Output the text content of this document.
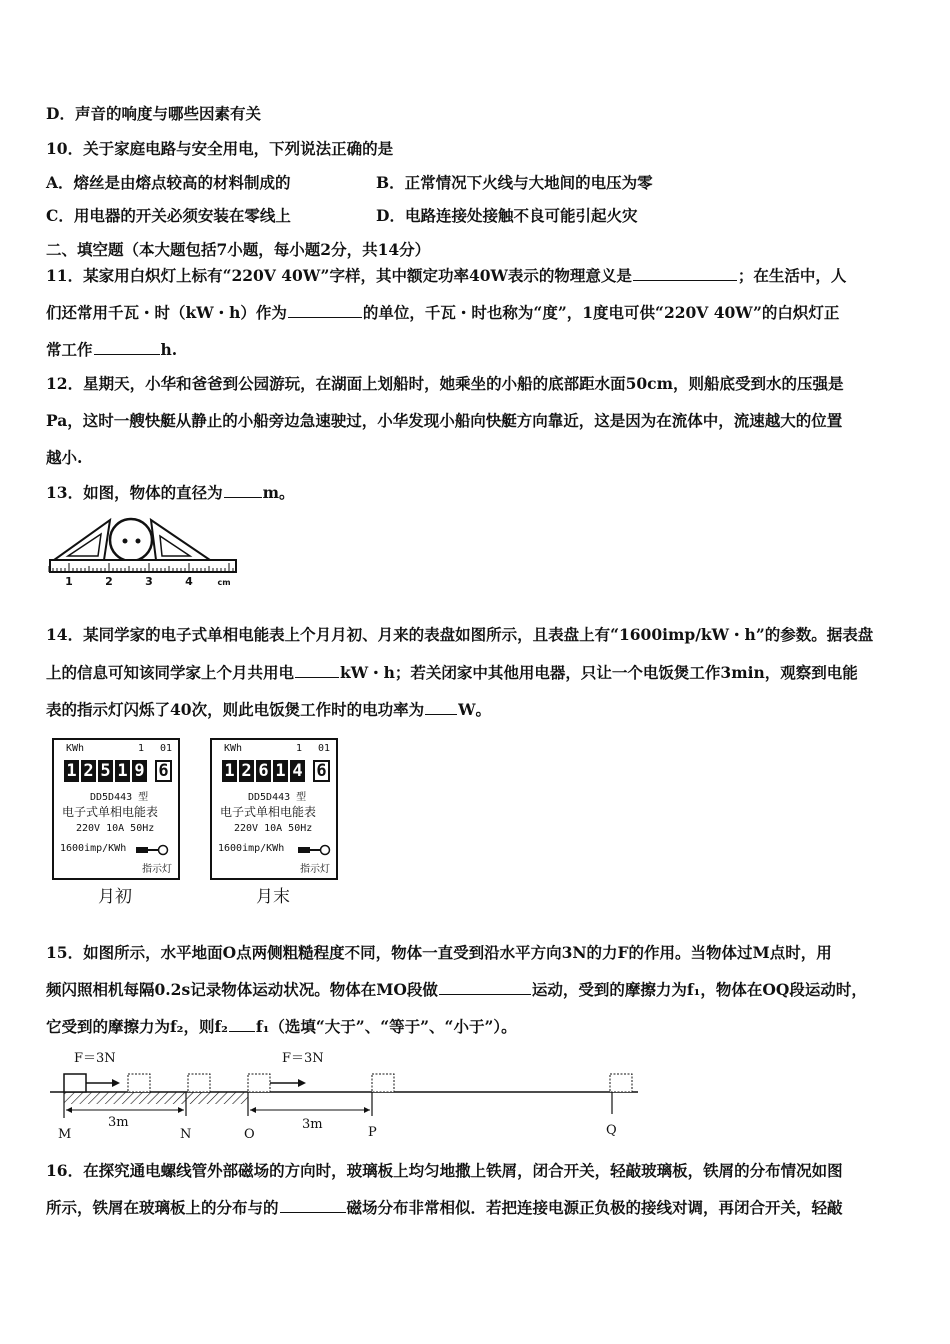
D．声音的响度与哪些因素有关
10．关于家庭电路与安全用电，下列说法正确的是
A．熔丝是由熔点较高的材料制成的	B．正常情况下火线与大地间的电压为零
C．用电器的开关必须安装在零线上	D．电路连接处接触不良可能引起火灾
二、填空题（本大题包括7小题，每小题2分，共14分）
11．某家用白炽灯上标有“220V 40W”字样，其中额定功率40W表示的物理意义是	；在生活中，人
们还常用千瓦・时（kW・h）作为	的单位，千瓦・时也称为“度”，1度电可供“220V 40W”的白炽灯正
常工作	h.
12．星期天，小华和爸爸到公园游玩，在湖面上划船时，她乘坐的小船的底部距水面50cm，则船底受到水的压强是
Pa，这时一艘快艇从静止的小船旁边急速驶过，小华发现小船向快艇方向靠近，这是因为在流体中，流速越大的位置
越小.
13．如图，物体的直径为	m。
1	2	3	4	cm
14．某同学家的电子式单相电能表上个月月初、月来的表盘如图所示，且表盘上有“1600imp/kW・h”的参数。据表盘
上的信息可知该同学家上个月共用电	kW・h；若关闭家中其他用电器，只让一个电饭煲工作3min，观察到电能
表的指示灯闪烁了40次，则此电饭煲工作时的电功率为 W。
KWh	1 01
1 2 5 1 9 6
DD5D443 型
电子式单相电能表
220V 10A 50Hz
1600imp/KWh
指示灯
月初
KWh	1 01
1 2 6 1 4 6
DD5D443 型
电子式单相电能表
220V 10A 50Hz
1600imp/KWh
指示灯
月末
15．如图所示，水平地面O点两侧粗糙程度不同，物体一直受到沿水平方向3N的力F的作用。当物体过M点时，用
频闪照相机每隔0.2s记录物体运动状况。物体在MO段做	运动，受到的摩擦力为f₁，物体在OQ段运动时，
它受到的摩擦力为f₂，则f₂ f₁（选填“大于”、“等于”、“小于”）。
F＝3N	F＝3N
3m	3m
M	N	O	P	Q
16．在探究通电螺线管外部磁场的方向时，玻璃板上均匀地撒上铁屑，闭合开关，轻敲玻璃板，铁屑的分布情况如图
所示，铁屑在玻璃板上的分布与的	磁场分布非常相似．若把连接电源正负极的接线对调，再闭合开关，轻敲
